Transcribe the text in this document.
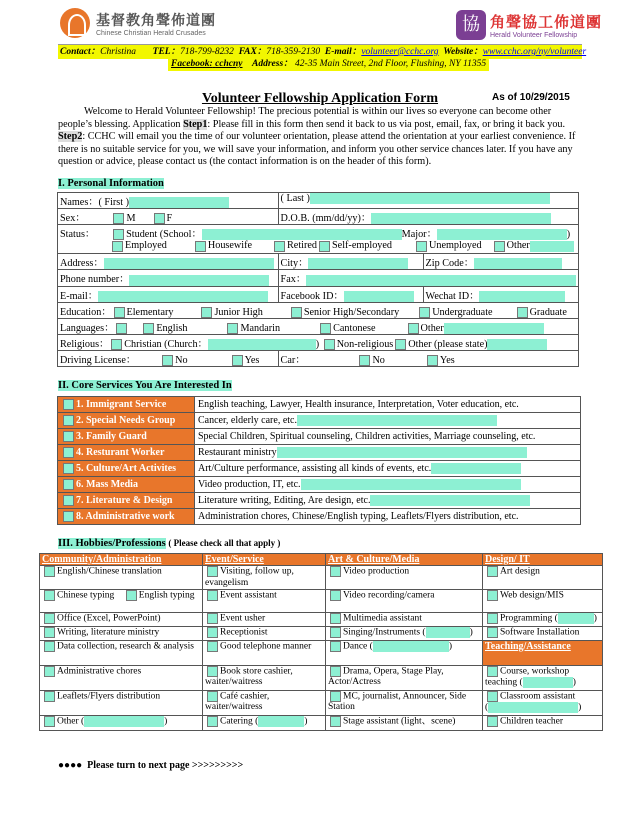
基督教角聲佈道團
Chinese Christian Herald Crusades	協 角聲協工佈道團
Herald Volunteer Fellowship
Contact：Christina TEL：718-799-8232 FAX：718-359-2130 E-mail：volunteer@cchc.org Website：www.cchc.org/ny/volunteer
Facebook: cchcny Address： 42-35 Main Street, 2nd Floor, Flushing, NY 11355
Volunteer Fellowship Application Form	As of 10/29/2015
Welcome to Herald Volunteer Fellowship! The precious potential is within our lives so everyone can become other people’s blessing. Application Step1: Please fill in this form then send it back to us via post, email, fax, or bring it back you. Step2: CCHC will email you the time of our volunteer orientation, please attend the orientation at your earliest convenience. If there is no suitable service for you, we will save your information, and inform you other service chances later. If you have any question or advice, please contact us (the contact information is on the header of this form).
I. Personal Information
Names：( First )	( Last )	
Sex： M F	D.O.B. (mm/dd/yy)：	
Status： Student (School： Major： )
Employed Housewife Retired Self-employed Unemployed Other		
Address：	City：	Zip Code：
Phone number：	Fax：	
E-mail：	Facebook ID：	Wechat ID：
Education： Elementary Junior High Senior High/Secondary Undergraduate Graduate		
Languages： English Mandarin Cantonese Other		
Religious： Christian (Church： ) Non-religious Other (please state)		
Driving License： No Yes	Car： No Yes	
II. Core Services You Are Interested In
1. Immigrant Service	English teaching, Lawyer, Health insurance, Interpretation, Voter education, etc.
2. Special Needs Group	Cancer, elderly care, etc.
3. Family Guard	Special Children, Spiritual counseling, Children activities, Marriage counseling, etc.
4. Resturant Worker	Restaurant ministry
5. Culture/Art Activites	Art/Culture performance, assisting all kinds of events, etc.
6. Mass Media	Video production, IT, etc.
7. Literature & Design	Literature writing, Editing, Are design, etc.
8. Administrative work	Administration chores, Chinese/English typing, Leaflets/Flyers distribution, etc.
III. Hobbies/Professions ( Please check all that apply )
Community/Administration	Event/Service	Art & Culture/Media	Design/ IT
English/Chinese translation	Visiting, follow up, evangelism	Video production	Art design
Chinese typing English typing	Event assistant	Video recording/camera	Web design/MIS
Office (Excel, PowerPoint)	Event usher	Multimedia assistant	Programming ( )
Writing, literature ministry	Receptionist	Singing/Instruments ( )	Software Installation
Data collection, research & analysis	Good telephone manner	Dance ( )	Teaching/Assistance
Administrative chores	Book store cashier, waiter/waitress	Drama, Opera, Stage Play, Actor/Actress	Course, workshop teaching ( )
Leaflets/Flyers distribution	Café cashier, waiter/waitress	MC, journalist, Announcer, Side Station	Classroom assistant
( )
Other ( )	Catering ( )	Stage assistant (light、scene)	Children teacher
●●●● Please turn to next page >>>>>>>>>
